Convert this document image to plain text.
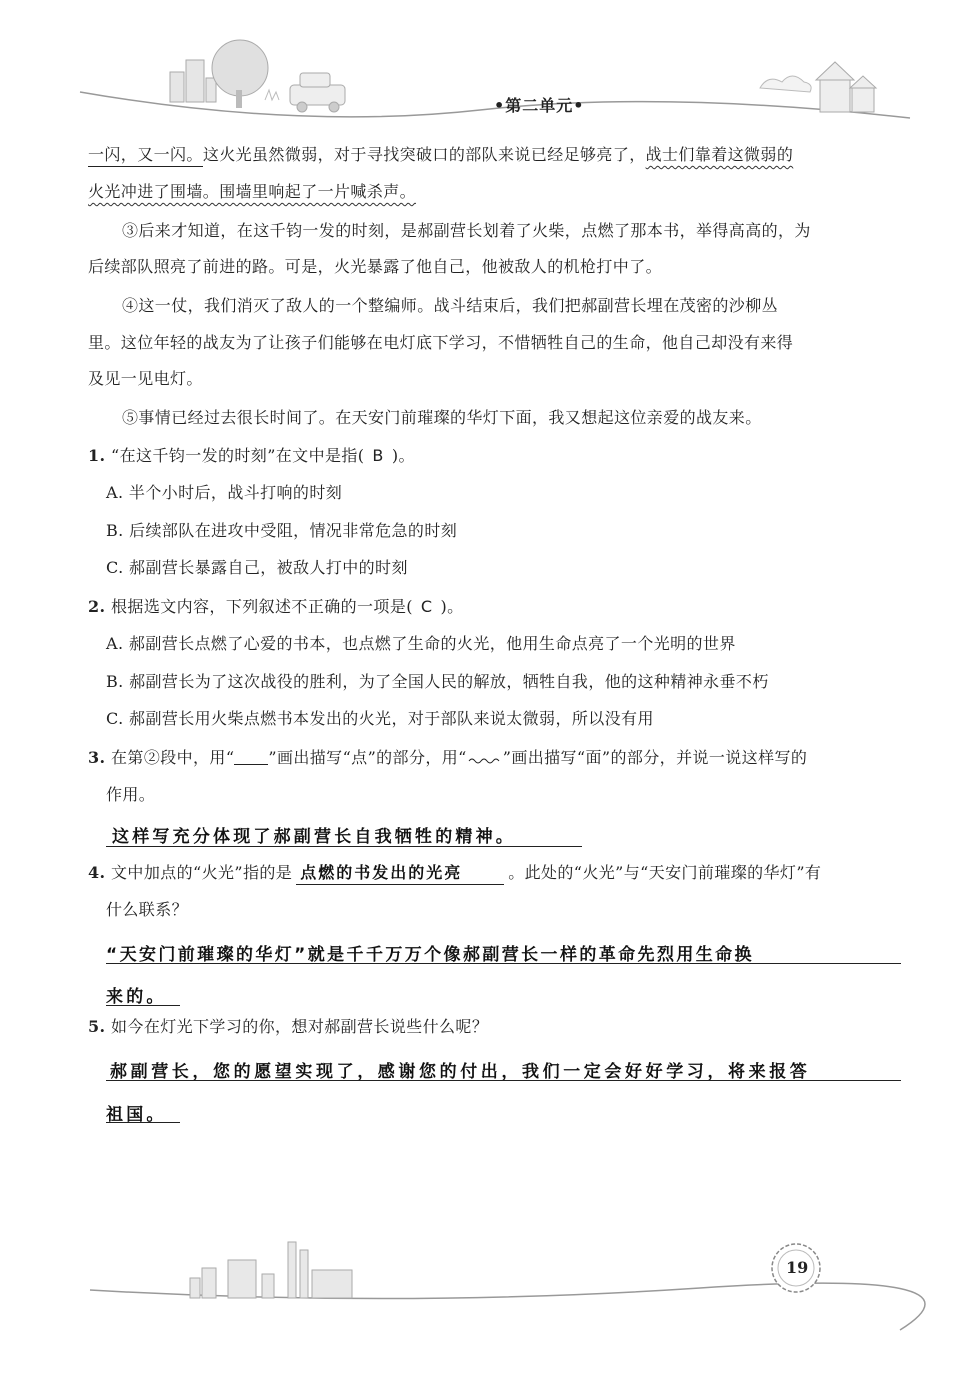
•第二单元•
一闪，又一闪。这火光虽然微弱，对于寻找突破口的部队来说已经足够亮了，战士们靠着这微弱的
火光冲进了围墙。围墙里响起了一片喊杀声。
③后来才知道，在这千钧一发的时刻，是郝副营长划着了火柴，点燃了那本书，举得高高的，为
后续部队照亮了前进的路。可是，火光暴露了他自己，他被敌人的机枪打中了。
④这一仗，我们消灭了敌人的一个整编师。战斗结束后，我们把郝副营长埋在茂密的沙柳丛
里。这位年轻的战友为了让孩子们能够在电灯底下学习，不惜牺牲自己的生命，他自己却没有来得
及见一见电灯。
⑤事情已经过去很长时间了。在天安门前璀璨的华灯下面，我又想起这位亲爱的战友来。
1. “在这千钧一发的时刻”在文中是指( B )。
A. 半个小时后，战斗打响的时刻
B. 后续部队在进攻中受阻，情况非常危急的时刻
C. 郝副营长暴露自己，被敌人打中的时刻
2. 根据选文内容，下列叙述不正确的一项是( C )。
A. 郝副营长点燃了心爱的书本，也点燃了生命的火光，他用生命点亮了一个光明的世界
B. 郝副营长为了这次战役的胜利，为了全国人民的解放，牺牲自我，他的这种精神永垂不朽
C. 郝副营长用火柴点燃书本发出的火光，对于部队来说太微弱，所以没有用
3. 在第②段中，用“ ”画出描写“点”的部分，用“ ”画出描写“面”的部分，并说一说这样写的
作用。
这样写充分体现了郝副营长自我牺牲的精神。
4. 文中加点的“火光”指的是 点燃的书发出的光亮	。此处的“火光”与“天安门前璀璨的华灯”有
什么联系？
“天安门前璀璨的华灯”就是千千万万个像郝副营长一样的革命先烈用生命换
来的。
5. 如今在灯光下学习的你，想对郝副营长说些什么呢？
郝副营长，您的愿望实现了，感谢您的付出，我们一定会好好学习，将来报答
祖国。
19
